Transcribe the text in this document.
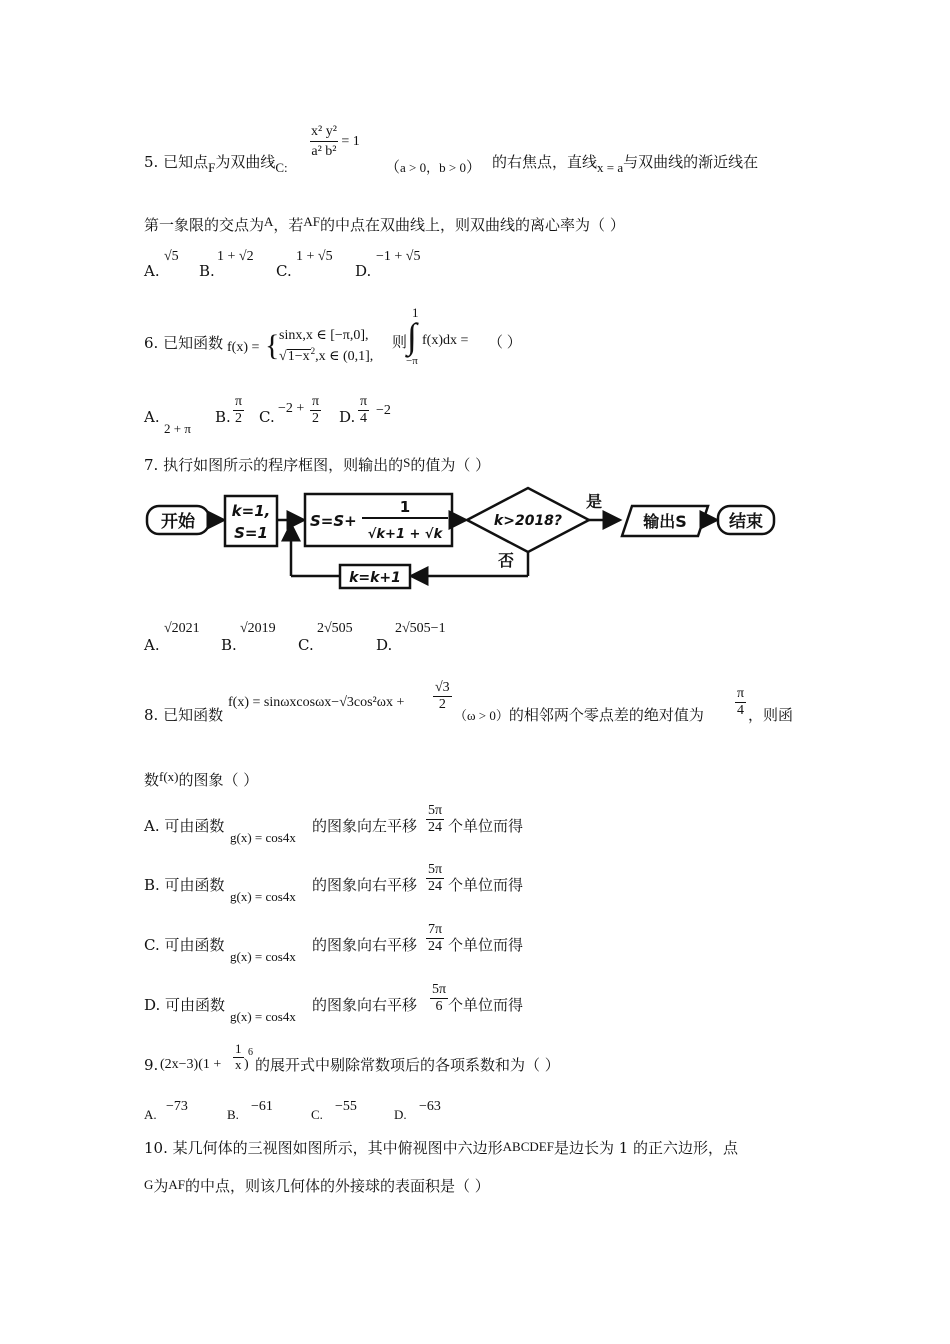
5. 已知点F为双曲线C:
$\frac{\text{x² y²}}{\text{a² b²}} = 1$
（a > 0，b > 0） 的右焦点，直线x = a与双曲线的渐近线在
第一象限的交点为A，若AF的中点在双曲线上，则双曲线的离心率为（ ）
A.
√5
B.
1 + √2
C.
1 + √5
D.
−1 + √5
6. 已知函数 f(x) = { sinx,x ∈ [−π,0],
$√1-x^2,x$ ∈ (0,1],
则
1
∫
−π
f(x)dx = （ ）
A.
2 + π
B. $\frac{\pi}{2} C$. $-2 + \frac{\pi}{2} D$. $\frac{\pi}{4} -2$
7. 执行如图所示的程序框图，则输出的S的值为（ ）
开始
k=1,
S=1
S=S+
1
√k+1 + √k
k>2018?
是
输出S 结束
否
k=k+1
A.
√2021
B.
√2019
C.
2√505
D.
2√505−1
8. 已知函数
$f(x) = \sin\omega xcos\omega x-√3\cos^2\omega x + \frac{√3}{2}$
（ω > 0）的相邻两个零点差的绝对值为 $\frac{\pi}{4}$ ，则函
数f(x)的图象（ ）
A. 可由函数
g(x) = cos4x
的图象向左平移 $\frac{5\pi}{24}$ 个单位而得
B. 可由函数
g(x) = cos4x
的图象向右平移 $\frac{5\pi}{24}$ 个单位而得
C. 可由函数
g(x) = cos4x
的图象向右平移 $\frac{7\pi}{24}$ 个单位而得
D. 可由函数
g(x) = cos4x
的图象向右平移 $\frac{5\pi}{6}$ 个单位而得
9. $(2x-3)(1 + \frac{1}{x}$ )
6
的展开式中剔除常数项后的各项系数和为（ ）
A.
−73
B.
−61
C.
−55
D.
−63
10. 某几何体的三视图如图所示，其中俯视图中六边形ABCDEF是边长为 1 的正六边形，点
G为AF的中点，则该几何体的外接球的表面积是（ ）
